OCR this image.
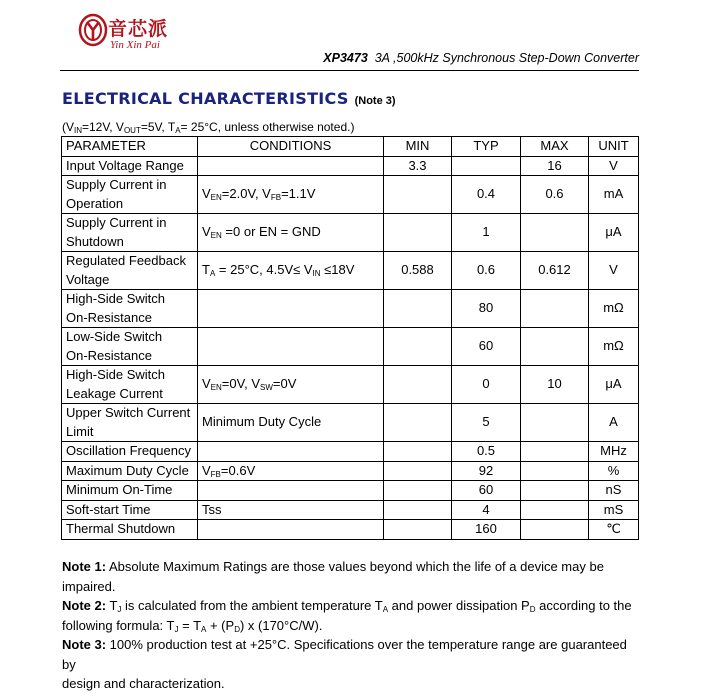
音芯派
Yin Xin Pai
XP3473 3A ,500kHz Synchronous Step-Down Converter
ELECTRICAL CHARACTERISTICS (Note 3)
($V_{IN}=12V$, $V_{OUT}=5V$, $T_A= 25^\circ C$, unless otherwise noted.)
PARAMETER	CONDITIONS	MIN	TYP	MAX	UNIT
Input Voltage Range		3.3		16	V
Supply Current in
Operation	$V_{EN}=2.0V$, $V_{FB}=1.1V$		0.4	0.6	mA
Supply Current in
Shutdown	$V_{EN} =0$ or EN = GND		1		μA
Regulated Feedback
Voltage	$T_A = 25^\circ C$, $4.5V\le V_{IN} \le 18V$	0.588	0.6	0.612	V
High-Side Switch
On-Resistance			80		mΩ
Low-Side Switch
On-Resistance			60		mΩ
High-Side Switch
Leakage Current	$V_{EN}=0V$, $V_{SW}=0V$		0	10	μA
Upper Switch Current
Limit	Minimum Duty Cycle		5		A
Oscillation Frequency			0.5		MHz
Maximum Duty Cycle	$V_{FB}=0.6V$		92		%
Minimum On-Time			60		nS
Soft-start Time	Tss		4		mS
Thermal Shutdown			160		℃

Note 1: Absolute Maximum Ratings are those values beyond which the life of a device may be impaired.

Note 2: $T_J$ is calculated from the ambient temperature $T_A$ and power dissipation $P_D$ according to the
following formula: $T_J = T_A + (P_D)$ x (170°C/W).

Note 3: 100% production test at +25°C. Specifications over the temperature range are guaranteed by
design and characterization.
